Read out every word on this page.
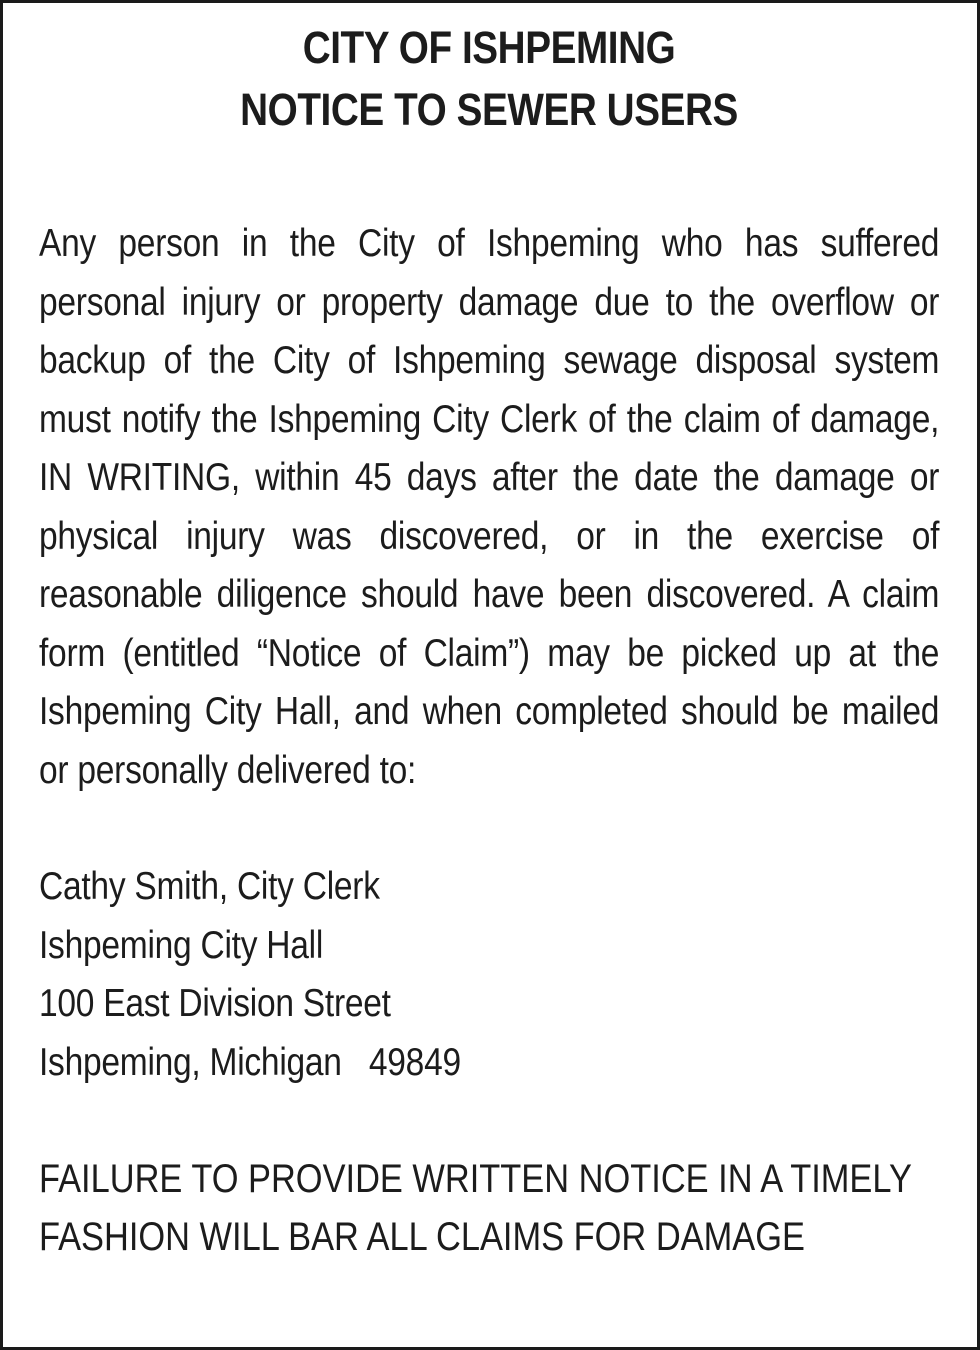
CITY OF ISHPEMING
NOTICE TO SEWER USERS

Any person in the City of Ishpeming who has suffered personal injury or property damage due to the overflow or backup of the City of Ishpeming sewage disposal system must notify the Ishpeming City Clerk of the claim of damage, IN WRITING, within 45 days after the date the damage or physical injury was discovered, or in the exercise of reasonable diligence should have been discovered. A claim form (entitled “Notice of Claim”) may be picked up at the Ishpeming City Hall, and when completed should be mailed or personally delivered to:

Cathy Smith, City Clerk
Ishpeming City Hall
100 East Division Street
Ishpeming, Michigan   49849
FAILURE TO PROVIDE WRITTEN NOTICE IN A TIMELY
FASHION WILL BAR ALL CLAIMS FOR DAMAGE
